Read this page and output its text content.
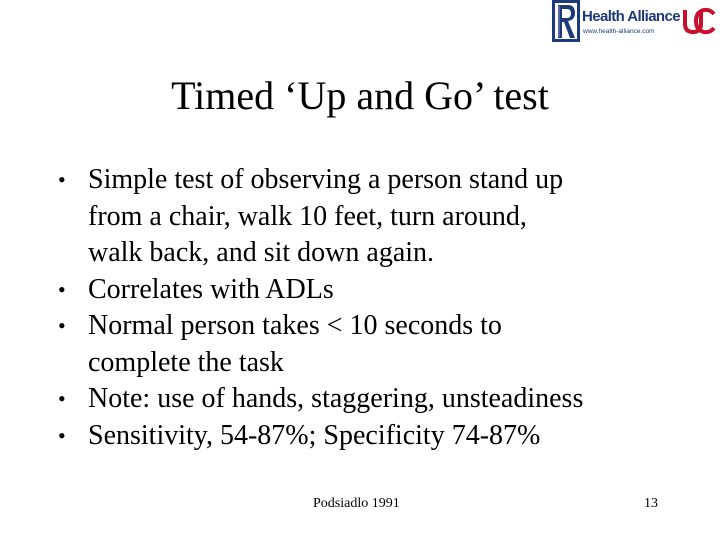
Health Alliance
www.health-alliance.com
Timed ‘Up and Go’ test
• Simple test of observing a person stand up
from a chair, walk 10 feet, turn around,
walk back, and sit down again.
• Correlates with ADLs
• Normal person takes < 10 seconds to
complete the task
• Note: use of hands, staggering, unsteadiness
• Sensitivity, 54-87%; Specificity 74-87%
Podsiadlo 1991	13
